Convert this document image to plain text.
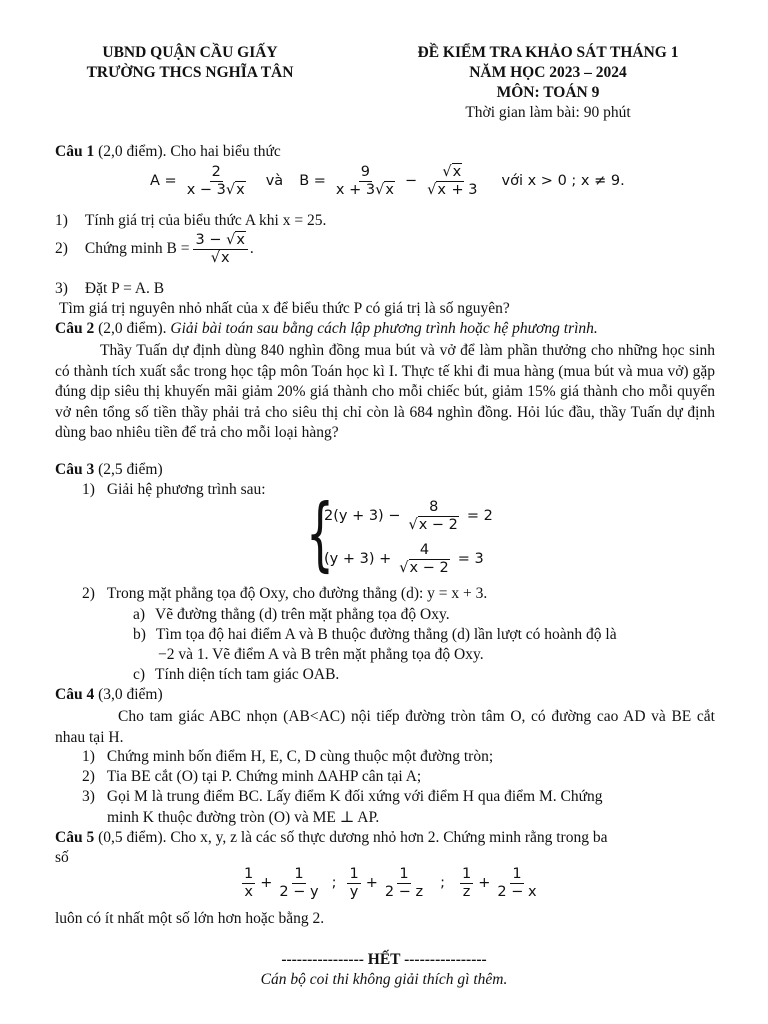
UBND QUẬN CẦU GIẤY
TRƯỜNG THCS NGHĨA TÂN
ĐỀ KIỂM TRA KHẢO SÁT THÁNG 1
NĂM HỌC 2023 – 2024
MÔN: TOÁN 9
Thời gian làm bài: 90 phút
Câu 1 (2,0 điểm). Cho hai biểu thức
$A = \frac{2}{x - 3√x}$ và $B = \frac{9}{x + 3√x} - \frac{√x}{√x + 3}$ với x > 0 ; x ≠ 9.
1) Tính giá trị của biểu thức A khi x = 25.
2) Chứng minh $B = \frac{3 - √x}{√x}$ .
3) Đặt P = A. B
Tìm giá trị nguyên nhỏ nhất của x để biểu thức P có giá trị là số nguyên?
Câu 2 (2,0 điểm). Giải bài toán sau bằng cách lập phương trình hoặc hệ phương trình.
Thầy Tuấn dự định dùng 840 nghìn đồng mua bút và vở để làm phần thưởng cho những học sinh có thành tích xuất sắc trong học tập môn Toán học kì I. Thực tế khi đi mua hàng (mua bút và mua vở) gặp đúng dịp siêu thị khuyến mãi giảm 20% giá thành cho mỗi chiếc bút, giảm 15% giá thành cho mỗi quyển vở nên tổng số tiền thầy phải trả cho siêu thị chỉ còn là 684 nghìn đồng. Hỏi lúc đầu, thầy Tuấn dự định dùng bao nhiêu tiền để trả cho mỗi loại hàng?
Câu 3 (2,5 điểm)
1) Giải hệ phương trình sau: {
$2(y + 3) - \frac{8}{√x - 2} = 2$
$(y + 3) + \frac{4}{√x - 2} = 3$
2) Trong mặt phẳng tọa độ Oxy, cho đường thẳng (d): y = x + 3.
a) Vẽ đường thẳng (d) trên mặt phẳng tọa độ Oxy.
b) Tìm tọa độ hai điểm A và B thuộc đường thẳng (d) lần lượt có hoành độ là
−2 và 1. Vẽ điểm A và B trên mặt phẳng tọa độ Oxy.
c) Tính diện tích tam giác OAB.
Câu 4 (3,0 điểm)
Cho tam giác ABC nhọn (AB<AC) nội tiếp đường tròn tâm O, có đường cao AD và BE cắt nhau tại H.
1) Chứng minh bốn điểm H, E, C, D cùng thuộc một đường tròn;
2) Tia BE cắt (O) tại P. Chứng minh ΔAHP cân tại A;
3) Gọi M là trung điểm BC. Lấy điểm K đối xứng với điểm H qua điểm M. Chứng
minh K thuộc đường tròn (O) và ME ⊥ AP.
Câu 5 (0,5 điểm). Cho x, y, z là các số thực dương nhỏ hơn 2. Chứng minh rằng trong ba
số
$\frac{1}{x} + \frac{1}{2 - y}$ ; $\frac{1}{y} + \frac{1}{2 - z}$ ; $\frac{1}{z} + \frac{1}{2 - x}$
luôn có ít nhất một số lớn hơn hoặc bằng 2.
---------------- HẾT ----------------
Cán bộ coi thi không giải thích gì thêm.
